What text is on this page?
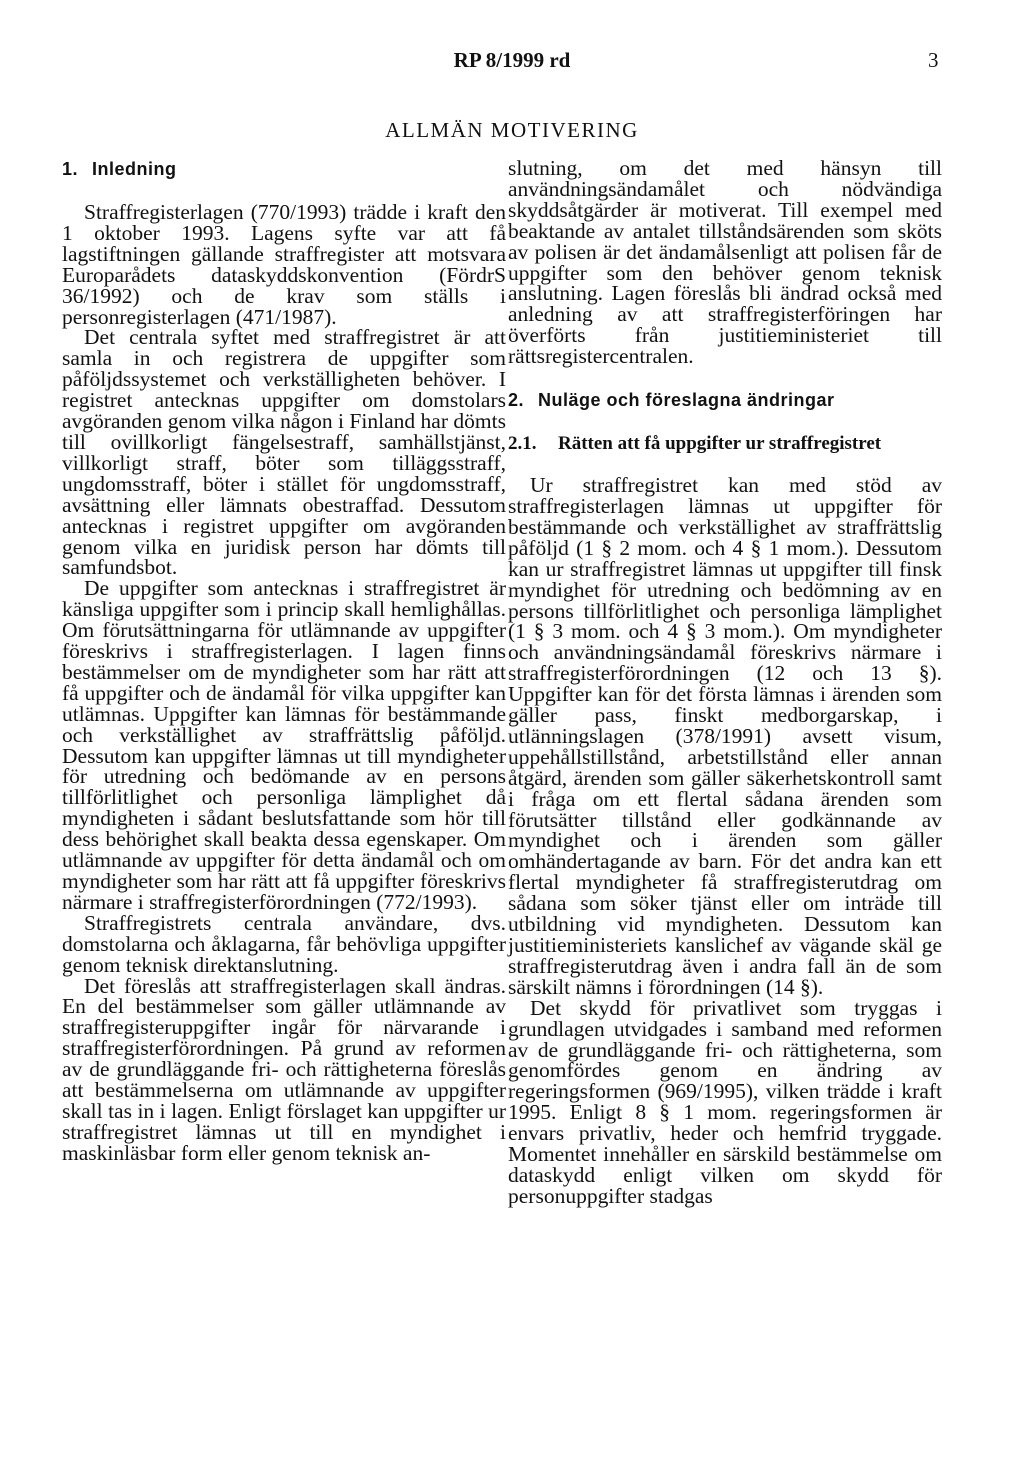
RP 8/1999 rd	3
ALLMÄN MOTIVERING
1. Inledning

Straffregisterlagen (770/1993) trädde i kraft den 1 oktober 1993. Lagens syfte var att få lagstiftningen gällande straffregister att motsvara Europarådets dataskyddskonvention (FördrS 36/1992) och de krav som ställs i personregisterlagen (471/1987).

Det centrala syftet med straffregistret är att samla in och registrera de uppgifter som påföljdssystemet och verkställigheten behöver. I registret antecknas uppgifter om domstolars avgöranden genom vilka någon i Finland har dömts till ovillkorligt fängelsestraff, samhällstjänst, villkorligt straff, böter som tilläggsstraff, ungdomsstraff, böter i stället för ungdomsstraff, avsättning eller lämnats obestraffad. Dessutom antecknas i registret uppgifter om avgöranden genom vilka en juridisk person har dömts till samfundsbot.

De uppgifter som antecknas i straffregistret är känsliga uppgifter som i princip skall hemlighållas. Om förutsättningarna för utlämnande av uppgifter föreskrivs i straffregisterlagen. I lagen finns bestämmelser om de myndigheter som har rätt att få uppgifter och de ändamål för vilka uppgifter kan utlämnas. Uppgifter kan lämnas för bestämmande och verkställighet av straffrättslig påföljd. Dessutom kan uppgifter lämnas ut till myndigheter för utredning och bedömande av en persons tillförlitlighet och personliga lämplighet då myndigheten i sådant beslutsfattande som hör till dess behörighet skall beakta dessa egenskaper. Om utlämnande av uppgifter för detta ändamål och om myndigheter som har rätt att få uppgifter föreskrivs närmare i straffregisterförordningen (772/1993).

Straffregistrets centrala användare, dvs. domstolarna och åklagarna, får behövliga uppgifter genom teknisk direktanslutning.

Det föreslås att straffregisterlagen skall ändras. En del bestämmelser som gäller utlämnande av straffregisteruppgifter ingår för närvarande i straffregisterförordningen. På grund av reformen av de grundläggande fri- och rättigheterna föreslås att bestämmelserna om utlämnande av uppgifter skall tas in i lagen. Enligt förslaget kan uppgifter ur straffregistret lämnas ut till en myndighet i maskinläsbar form eller genom teknisk an-

slutning, om det med hänsyn till användningsändamålet och nödvändiga skyddsåtgärder är motiverat. Till exempel med beaktande av antalet tillståndsärenden som sköts av polisen är det ändamålsenligt att polisen får de uppgifter som den behöver genom teknisk anslutning. Lagen föreslås bli ändrad också med anledning av att straffregisterföringen har överförts från justitieministeriet till rättsregistercentralen.

2. Nuläge och föreslagna ändringar
2.1. Rätten att få uppgifter ur straffregistret

Ur straffregistret kan med stöd av straffregisterlagen lämnas ut uppgifter för bestämmande och verkställighet av straffrättslig påföljd (1 § 2 mom. och 4 § 1 mom.). Dessutom kan ur straffregistret lämnas ut uppgifter till finsk myndighet för utredning och bedömning av en persons tillförlitlighet och personliga lämplighet (1 § 3 mom. och 4 § 3 mom.). Om myndigheter och användningsändamål föreskrivs närmare i straffregisterförordningen (12 och 13 §). Uppgifter kan för det första lämnas i ärenden som gäller pass, finskt medborgarskap, i utlänningslagen (378/1991) avsett visum, uppehållstillstånd, arbetstillstånd eller annan åtgärd, ärenden som gäller säkerhetskontroll samt i fråga om ett flertal sådana ärenden som förutsätter tillstånd eller godkännande av myndighet och i ärenden som gäller omhändertagande av barn. För det andra kan ett flertal myndigheter få straffregisterutdrag om sådana som söker tjänst eller om inträde till utbildning vid myndigheten. Dessutom kan justitieministeriets kanslichef av vägande skäl ge straffregisterutdrag även i andra fall än de som särskilt nämns i förordningen (14 §).

Det skydd för privatlivet som tryggas i grundlagen utvidgades i samband med reformen av de grundläggande fri- och rättigheterna, som genomfördes genom en ändring av regeringsformen (969/1995), vilken trädde i kraft 1995. Enligt 8 § 1 mom. regeringsformen är envars privatliv, heder och hemfrid tryggade. Momentet innehåller en särskild bestämmelse om dataskydd enligt vilken om skydd för personuppgifter stadgas
